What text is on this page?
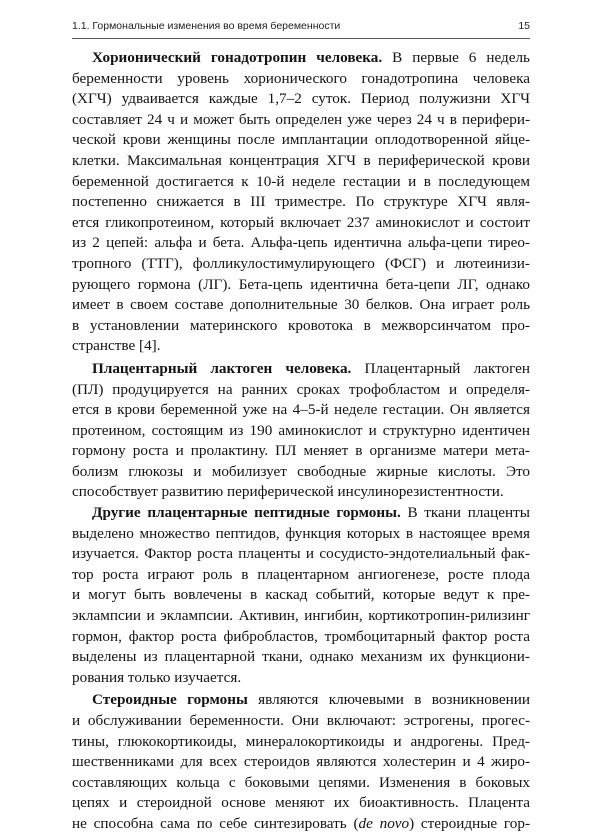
1.1. Гормональные изменения во время беременности	15
Хорионический гонадотропин человека. В первые 6 недель
беременности уровень хорионического гонадотропина человека
(ХГЧ) удваивается каждые 1,7–2 суток. Период полужизни ХГЧ
составляет 24 ч и может быть определен уже через 24 ч в перифери-
ческой крови женщины после имплантации оплодотворенной яйце-
клетки. Максимальная концентрация ХГЧ в периферической крови
беременной достигается к 10-й неделе гестации и в последующем
постепенно снижается в III триместре. По структуре ХГЧ явля-
ется гликопротеином, который включает 237 аминокислот и состоит
из 2 цепей: альфа и бета. Альфа-цепь идентична альфа-цепи тирео-
тропного (ТТГ), фолликулостимулирующего (ФСГ) и лютеинизи-
рующего гормона (ЛГ). Бета-цепь идентична бета-цепи ЛГ, однако
имеет в своем составе дополнительные 30 белков. Она играет роль
в установлении материнского кровотока в межворсинчатом про-
странстве [4].
Плацентарный лактоген человека. Плацентарный лактоген
(ПЛ) продуцируется на ранних сроках трофобластом и определя-
ется в крови беременной уже на 4–5-й неделе гестации. Он является
протеином, состоящим из 190 аминокислот и структурно идентичен
гормону роста и пролактину. ПЛ меняет в организме матери мета-
болизм глюкозы и мобилизует свободные жирные кислоты. Это
способствует развитию периферической инсулинорезистентности.
Другие плацентарные пептидные гормоны. В ткани плаценты
выделено множество пептидов, функция которых в настоящее время
изучается. Фактор роста плаценты и сосудисто-эндотелиальный фак-
тор роста играют роль в плацентарном ангиогенезе, росте плода
и могут быть вовлечены в каскад событий, которые ведут к пре-
эклампсии и эклампсии. Активин, ингибин, кортикотропин-рилизинг
гормон, фактор роста фибробластов, тромбоцитарный фактор роста
выделены из плацентарной ткани, однако механизм их функциони-
рования только изучается.
Стероидные гормоны являются ключевыми в возникновении
и обслуживании беременности. Они включают: эстрогены, прогес-
тины, глюкокортикоиды, минералокортикоиды и андрогены. Пред-
шественниками для всех стероидов являются холестерин и 4 жиро-
составляющих кольца с боковыми цепями. Изменения в боковых
цепях и стероидной основе меняют их биоактивность. Плацента
не способна сама по себе синтезировать (de novo) стероидные гор-
